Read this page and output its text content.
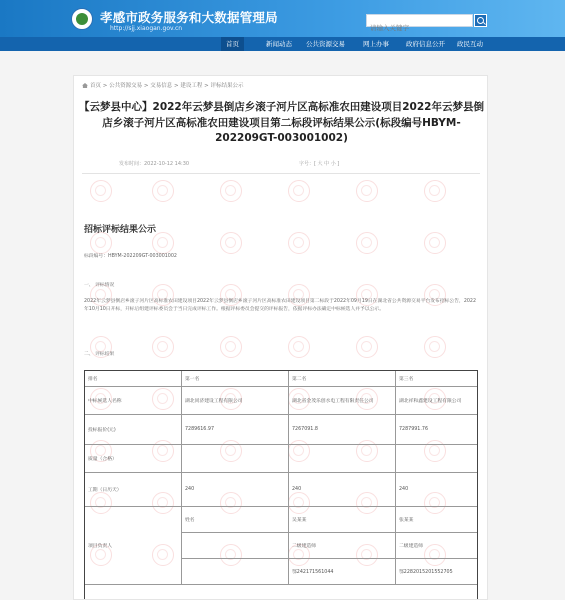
孝感市政务服务和大数据管理局
http://sjj.xiaogan.gov.cn
请输入关键字
首页	新闻动态 公共资源交易	网上办事	政府信息公开 政民互动
首页 > 公共资源交易 > 交易信息 > 建设工程 > 评标结果公示
【云梦县中心】2022年云梦县倒店乡滚子河片区高标准农田建设项目2022年云梦县倒店乡滚子河片区高标准农田建设项目第二标段评标结果公示(标段编号HBYM-202209GT-003001002)
发布时间：2022-10-12 14:30	字号：[ 大 中 小 ]
招标评标结果公示
标段编号：HBYM-202209GT-003001002
一、 评标情况
2022年云梦县倒店乡滚子河片区高标准农田建设项目2022年云梦县倒店乡滚子河片区高标准农田建设项目第二标段于2022年09月19日在湖北省公共资源交易平台发布招标公告，2022年10月10日开标，开标后组建评标委员会于当日完成评标工作。根据评标委员会提交的评标报告，依据评标办法确定中标候选人并予以公示。
二、 评标结果
排名	第一名	第二名	第三名
中标候选人名称	湖北同济建设工程有限公司	湖北省金茂乐创水电工程有限责任公司	湖北祥和鑫建设工程有限公司
投标报价(元)	7289616.97	7267091.8	7287991.76
质量（合格）			
工期（日历天）	240	240	240
项目负责人	姓名	吴某某	张某某
		二级建造师	二级建造师
		鄂242171561044	鄂2282015201552705
